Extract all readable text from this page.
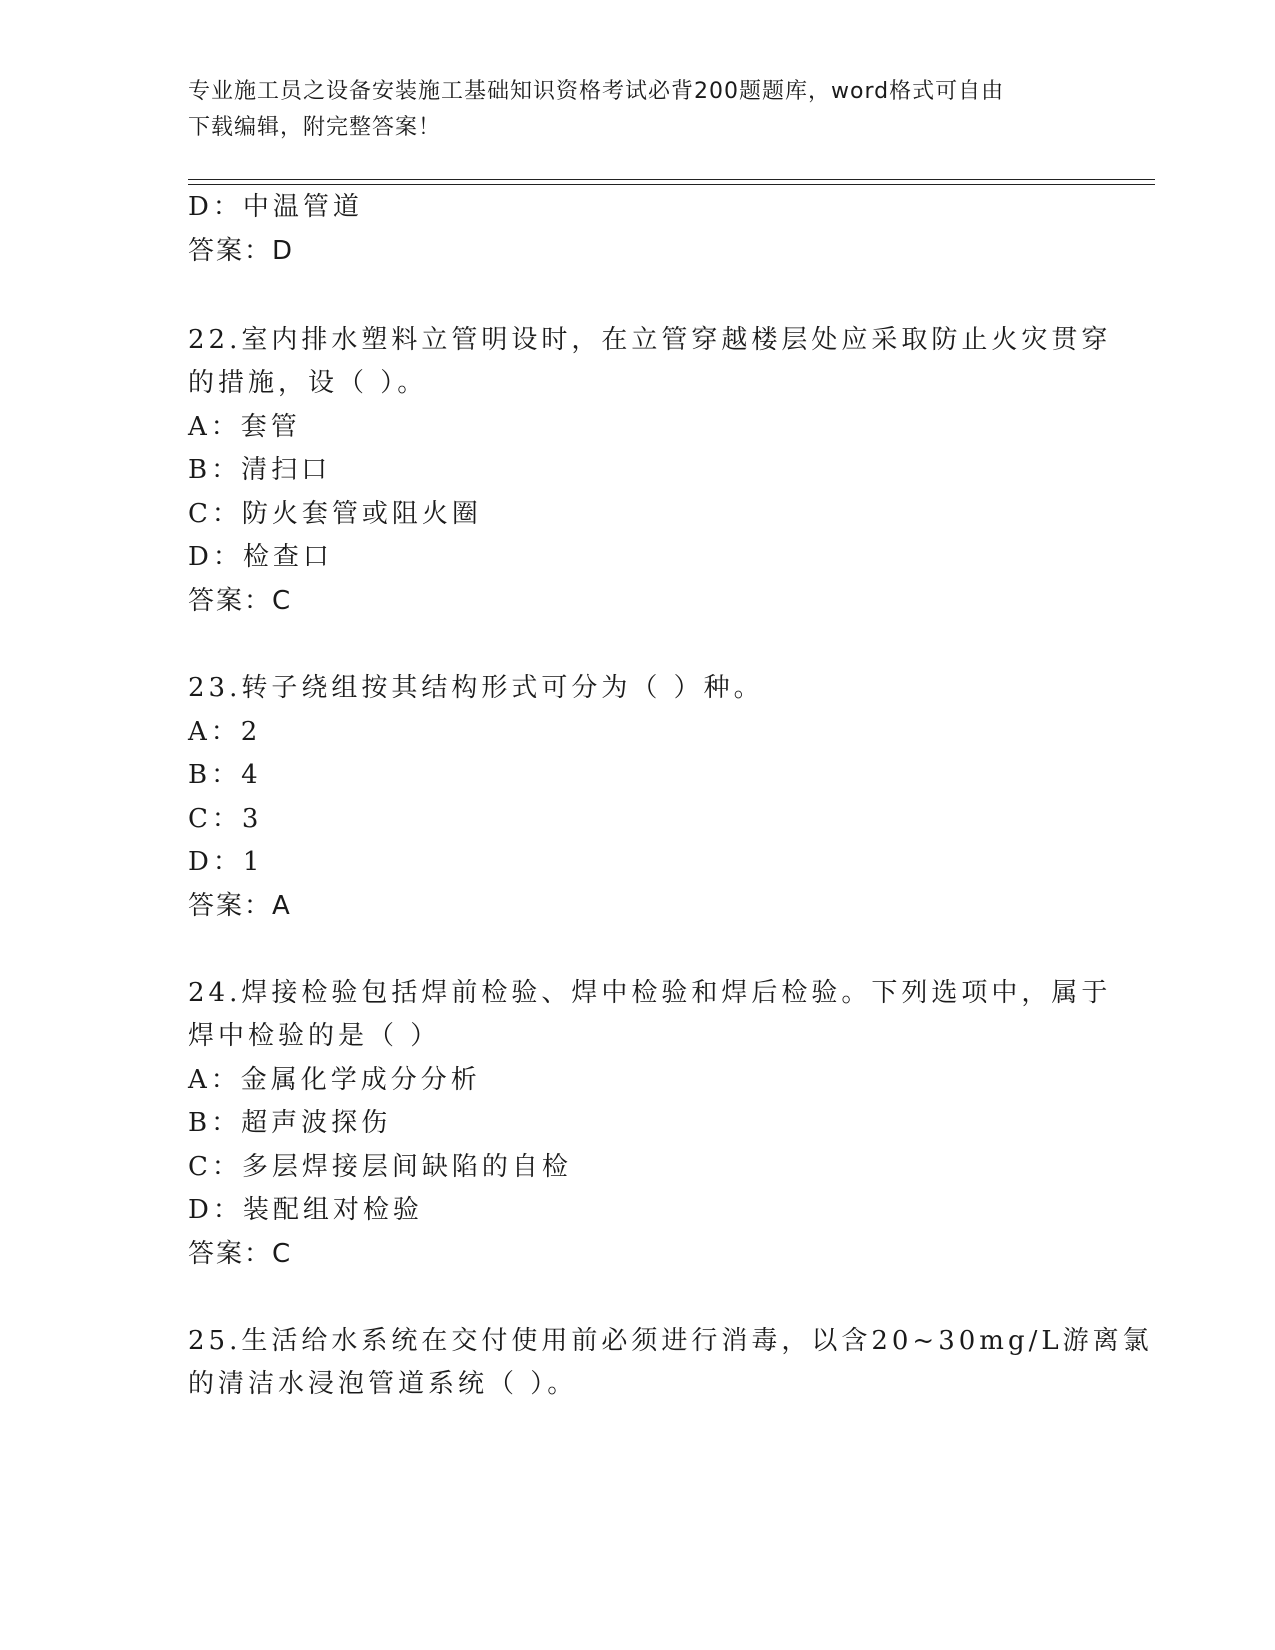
专业施工员之设备安装施工基础知识资格考试必背200题题库，word格式可自由
下载编辑，附完整答案！
D：中温管道
答案：D
22.室内排水塑料立管明设时，在立管穿越楼层处应采取防止火灾贯穿
的措施，设（ ）。
A：套管
B：清扫口
C：防火套管或阻火圈
D：检查口
答案：C
23.转子绕组按其结构形式可分为（ ）种。
A：2
B：4
C：3
D：1
答案：A
24.焊接检验包括焊前检验、焊中检验和焊后检验。下列选项中，属于
焊中检验的是（ ）
A：金属化学成分分析
B：超声波探伤
C：多层焊接层间缺陷的自检
D：装配组对检验
答案：C
25.生活给水系统在交付使用前必须进行消毒，以含20~30mg/L游离氯
的清洁水浸泡管道系统（ ）。
